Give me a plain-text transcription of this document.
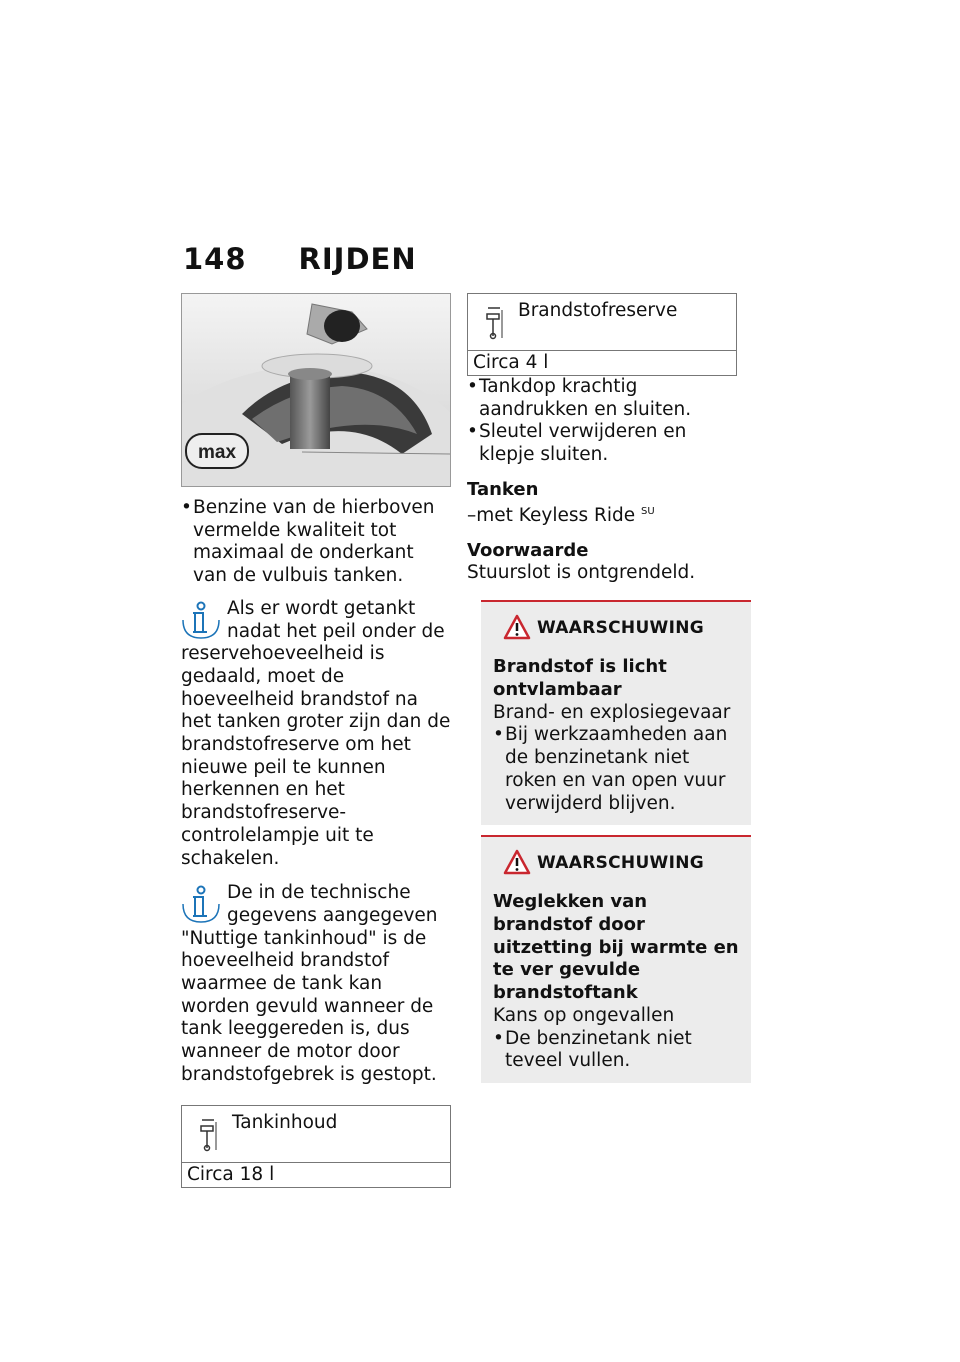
148 RIJDEN
max
• Benzine van de hierboven vermelde kwaliteit tot maximaal de onderkant van de vulbuis tanken.
Als er wordt getankt nadat het peil onder de reservehoeveelheid is gedaald, moet de hoeveelheid brandstof na het tanken groter zijn dan de brandstofreserve om het nieuwe peil te kunnen herkennen en het brandstofreserve-controlelampje uit te schakelen.
De in de technische gegevens aangegeven "Nuttige tankinhoud" is de hoeveelheid brandstof waarmee de tank kan worden gevuld wanneer de tank leeggereden is, dus wanneer de motor door brandstofgebrek is gestopt.
Tankinhoud
Circa 18 l
Brandstofreserve
Circa 4 l
• Tankdop krachtig aandrukken en sluiten.
• Sleutel verwijderen en klepje sluiten.
Tanken

–met Keyless Ride $^{SU}$

Voorwaarde

Stuurslot is ontgrendeld.

WAARSCHUWING
Brandstof is licht ontvlambaar

Brand- en explosiegevaar

• Bij werkzaamheden aan de benzinetank niet roken en van open vuur verwijderd blijven.
WAARSCHUWING
Weglekken van brandstof door uitzetting bij warmte en te ver gevulde brandstoftank

Kans op ongevallen

• De benzinetank niet teveel vullen.
